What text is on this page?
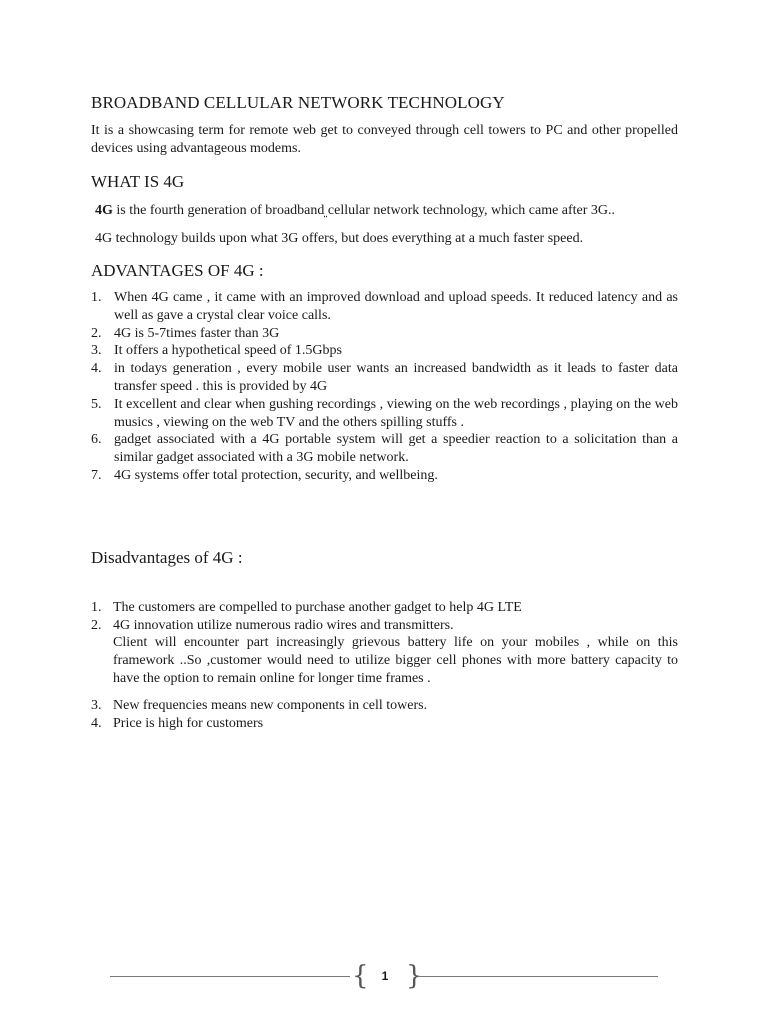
BROADBAND CELLULAR NETWORK TECHNOLOGY

It is a showcasing term for remote web get to conveyed through cell towers to PC and other propelled devices using advantageous modems.

WHAT IS 4G

4G is the fourth generation of broadband cellular network technology, which came after 3G..

4G technology builds upon what 3G offers, but does everything at a much faster speed.

ADVANTAGES OF 4G :
1. When 4G came , it came with an improved download and upload speeds. It reduced latency and as well as gave a crystal clear voice calls.
2. 4G is 5-7times faster than 3G
3. It offers a hypothetical speed of 1.5Gbps
4. in todays generation , every mobile user wants an increased bandwidth as it leads to faster data transfer speed . this is provided by 4G
5. It excellent and clear when gushing recordings , viewing on the web recordings , playing on the web musics , viewing on the web TV and the others spilling stuffs .
6. gadget associated with a 4G portable system will get a speedier reaction to a solicitation than a similar gadget associated with a 3G mobile network.
7. 4G systems offer total protection, security, and wellbeing.
Disadvantages of 4G :
1. The customers are compelled to purchase another gadget to help 4G LTE
2. 4G innovation utilize numerous radio wires and transmitters.

Client will encounter part increasingly grievous battery life on your mobiles , while on this framework ..So ,customer would need to utilize bigger cell phones with more battery capacity to have the option to remain online for longer time frames .

3. New frequencies means new components in cell towers.
4. Price is high for customers
{	1 }
